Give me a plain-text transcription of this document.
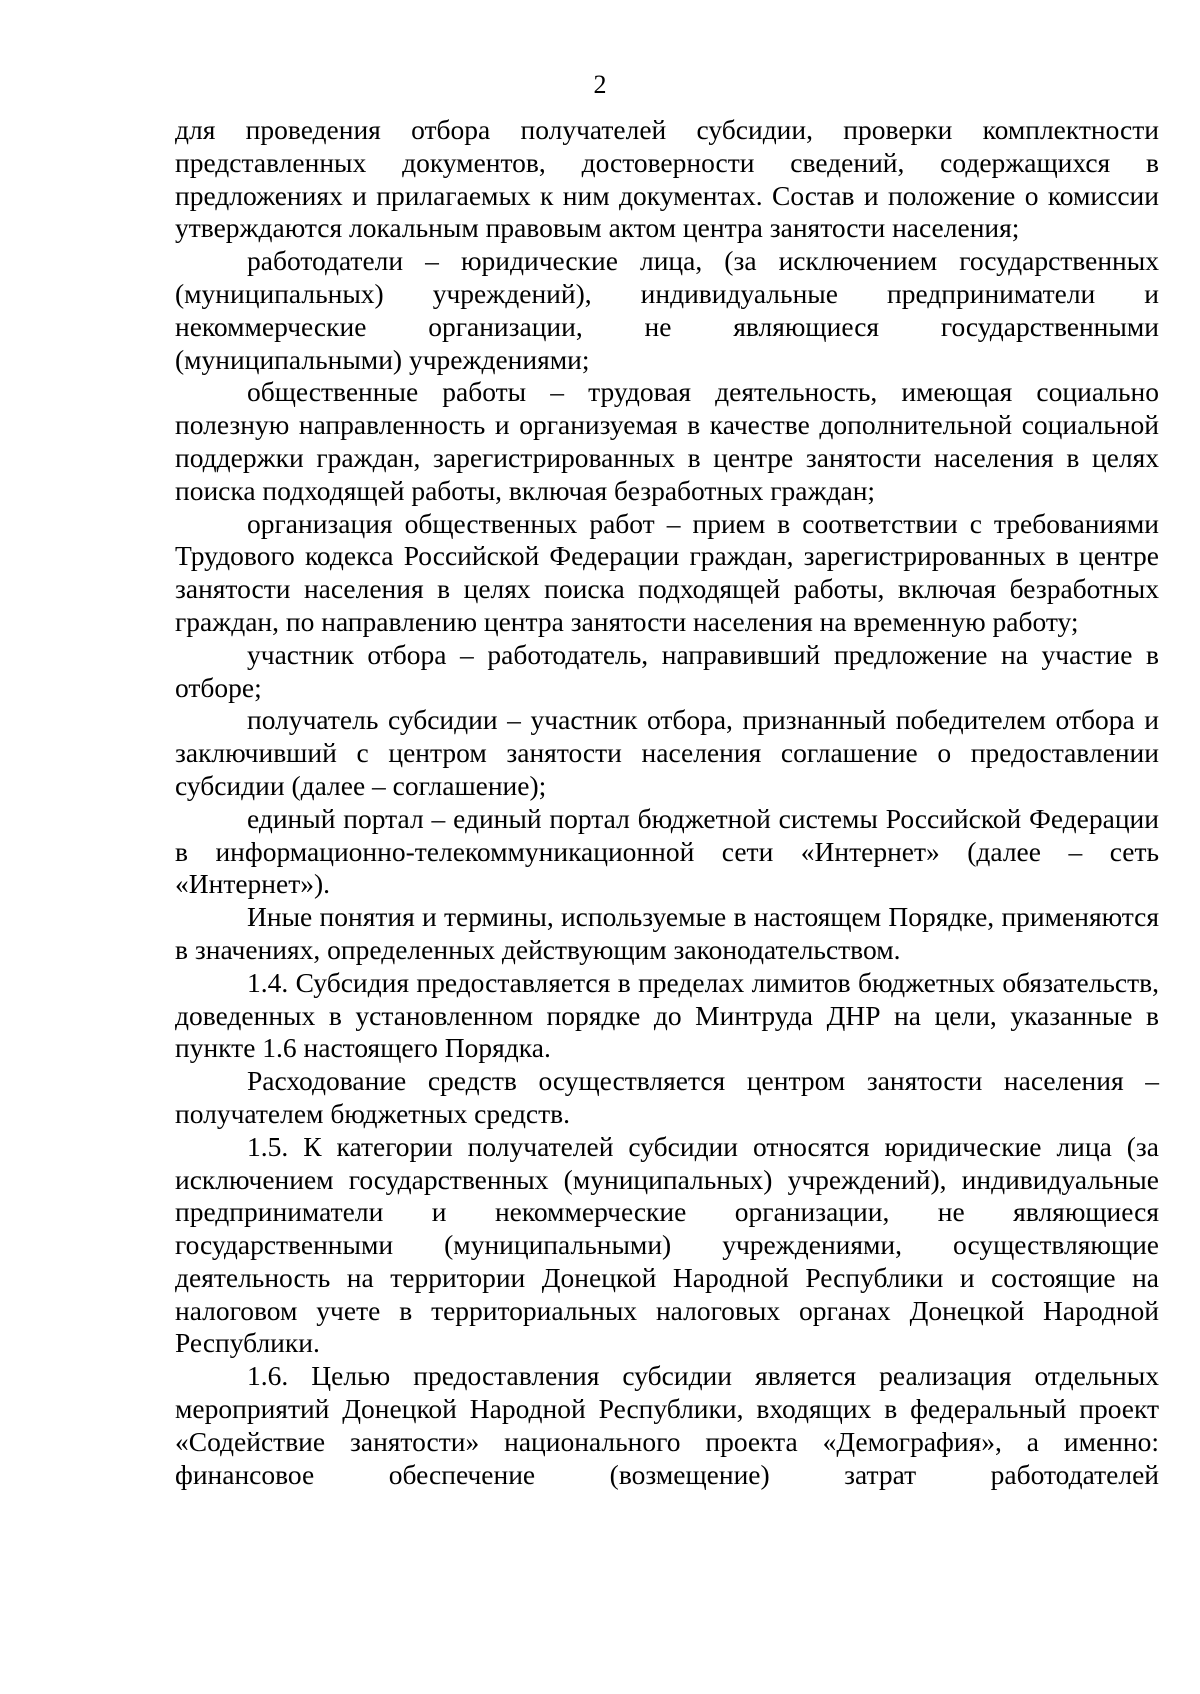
2

для проведения отбора получателей субсидии, проверки комплектности представленных документов, достоверности сведений, содержащихся в предложениях и прилагаемых к ним документах. Состав и положение о комиссии утверждаются локальным правовым актом центра занятости населения;

работодатели – юридические лица, (за исключением государственных (муниципальных) учреждений), индивидуальные предприниматели и некоммерческие организации, не являющиеся государственными (муниципальными) учреждениями;

общественные работы – трудовая деятельность, имеющая социально полезную направленность и организуемая в качестве дополнительной социальной поддержки граждан, зарегистрированных в центре занятости населения в целях поиска подходящей работы, включая безработных граждан;

организация общественных работ – прием в соответствии с требованиями Трудового кодекса Российской Федерации граждан, зарегистрированных в центре занятости населения в целях поиска подходящей работы, включая безработных граждан, по направлению центра занятости населения на временную работу;

участник отбора – работодатель, направивший предложение на участие в отборе;

получатель субсидии – участник отбора, признанный победителем отбора и заключивший с центром занятости населения соглашение о предоставлении субсидии (далее – соглашение);

единый портал – единый портал бюджетной системы Российской Федерации в информационно-телекоммуникационной сети «Интернет» (далее – сеть «Интернет»).

Иные понятия и термины, используемые в настоящем Порядке, применяются в значениях, определенных действующим законодательством.

1.4. Субсидия предоставляется в пределах лимитов бюджетных обязательств, доведенных в установленном порядке до Минтруда ДНР на цели, указанные в пункте 1.6 настоящего Порядка.

Расходование средств осуществляется центром занятости населения – получателем бюджетных средств.

1.5. К категории получателей субсидии относятся юридические лица (за исключением государственных (муниципальных) учреждений), индивидуальные предприниматели и некоммерческие организации, не являющиеся государственными (муниципальными) учреждениями, осуществляющие деятельность на территории Донецкой Народной Республики и состоящие на налоговом учете в территориальных налоговых органах Донецкой Народной Республики.

1.6. Целью предоставления субсидии является реализация отдельных мероприятий Донецкой Народной Республики, входящих в федеральный проект «Содействие занятости» национального проекта «Демография», а именно: финансовое обеспечение (возмещение) затрат работодателей
